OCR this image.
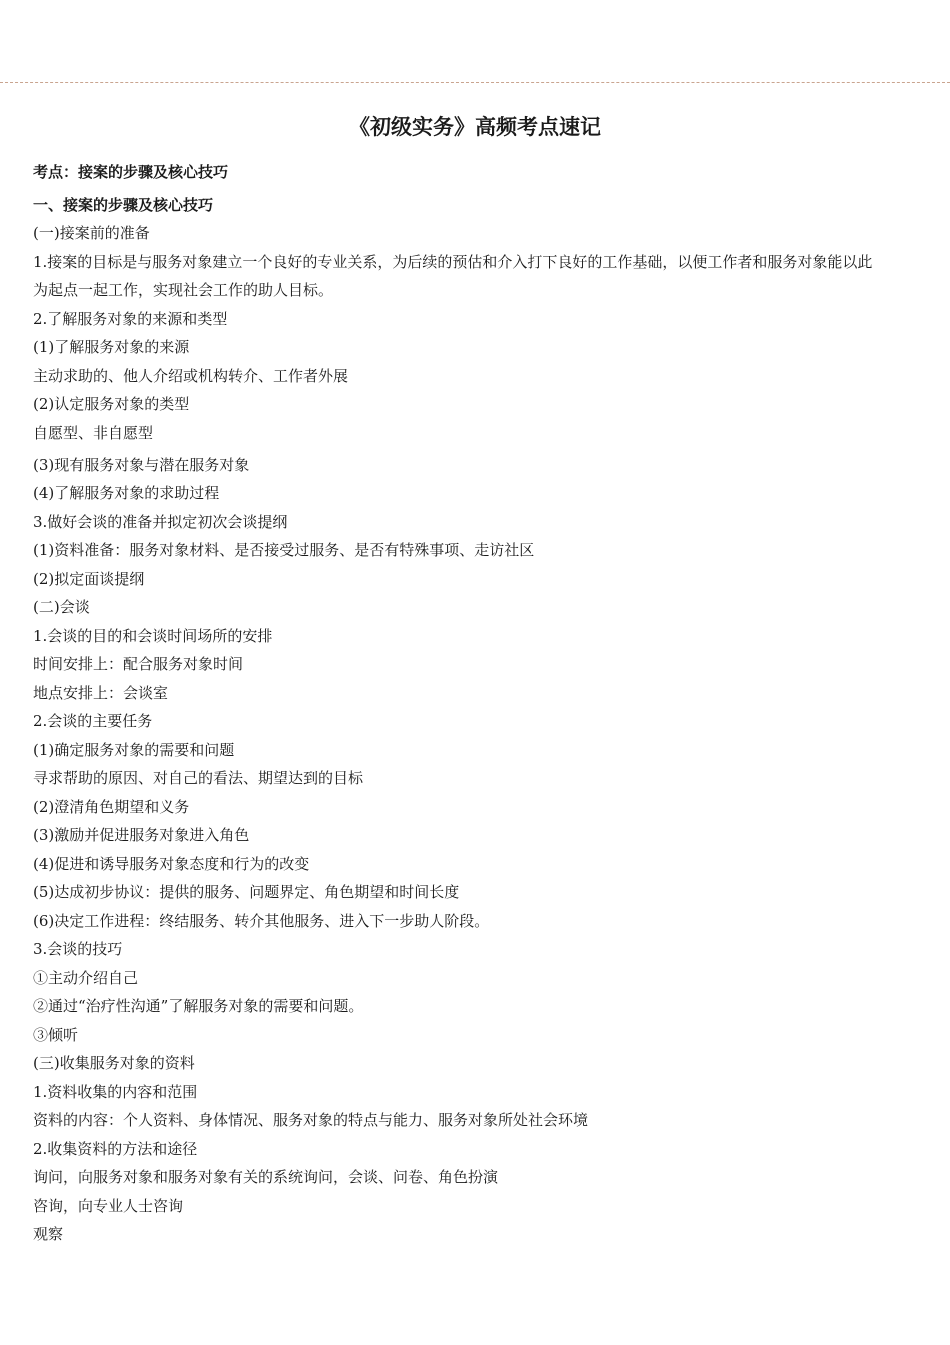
《初级实务》高频考点速记
考点：接案的步骤及核心技巧
一、接案的步骤及核心技巧
(一)接案前的准备
1.接案的目标是与服务对象建立一个良好的专业关系，为后续的预估和介入打下良好的工作基础，以便工作者和服务对象能以此
为起点一起工作，实现社会工作的助人目标。
2.了解服务对象的来源和类型
(1)了解服务对象的来源
主动求助的、他人介绍或机构转介、工作者外展
(2)认定服务对象的类型
自愿型、非自愿型
(3)现有服务对象与潜在服务对象
(4)了解服务对象的求助过程
3.做好会谈的准备并拟定初次会谈提纲
(1)资料准备：服务对象材料、是否接受过服务、是否有特殊事项、走访社区
(2)拟定面谈提纲
(二)会谈
1.会谈的目的和会谈时间场所的安排
时间安排上：配合服务对象时间
地点安排上：会谈室
2.会谈的主要任务
(1)确定服务对象的需要和问题
寻求帮助的原因、对自己的看法、期望达到的目标
(2)澄清角色期望和义务
(3)激励并促进服务对象进入角色
(4)促进和诱导服务对象态度和行为的改变
(5)达成初步协议：提供的服务、问题界定、角色期望和时间长度
(6)决定工作进程：终结服务、转介其他服务、进入下一步助人阶段。
3.会谈的技巧
①主动介绍自己
②通过“治疗性沟通”了解服务对象的需要和问题。
③倾听
(三)收集服务对象的资料
1.资料收集的内容和范围
资料的内容：个人资料、身体情况、服务对象的特点与能力、服务对象所处社会环境
2.收集资料的方法和途径
询问，向服务对象和服务对象有关的系统询问，会谈、问卷、角色扮演
咨询，向专业人士咨询
观察
